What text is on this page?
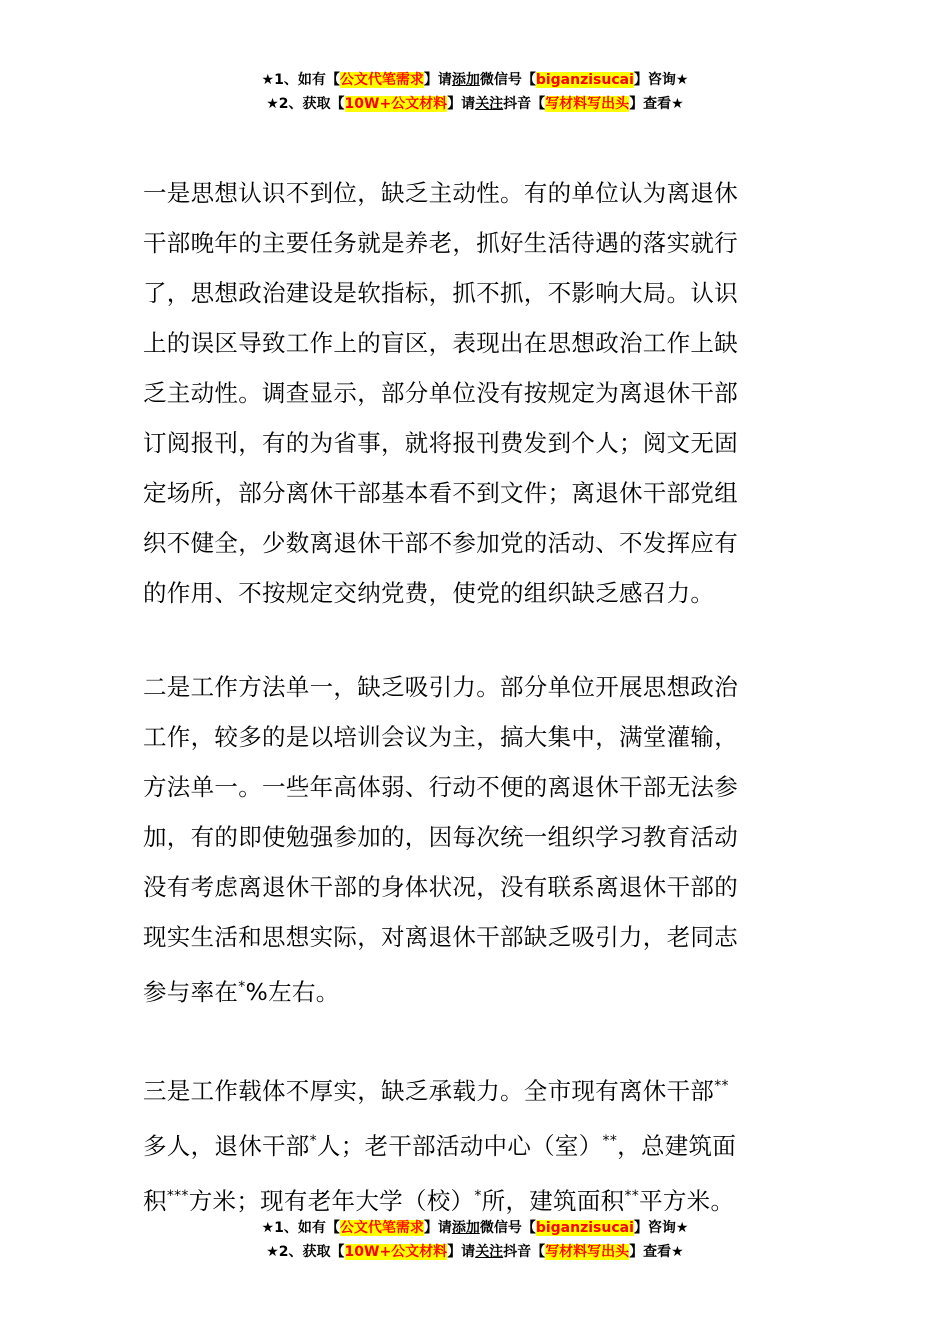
★1、如有【公文代笔需求】请添加微信号【biganzisucai】咨询★
★2、获取【10W+公文材料】请关注抖音【写材料写出头】查看★

一是思想认识不到位，缺乏主动性。有的单位认为离退休
干部晚年的主要任务就是养老，抓好生活待遇的落实就行
了，思想政治建设是软指标，抓不抓，不影响大局。认识
上的误区导致工作上的盲区，表现出在思想政治工作上缺
乏主动性。调查显示，部分单位没有按规定为离退休干部
订阅报刊，有的为省事，就将报刊费发到个人；阅文无固
定场所，部分离休干部基本看不到文件；离退休干部党组
织不健全，少数离退休干部不参加党的活动、不发挥应有
的作用、不按规定交纳党费，使党的组织缺乏感召力。

二是工作方法单一，缺乏吸引力。部分单位开展思想政治
工作，较多的是以培训会议为主，搞大集中，满堂灌输，
方法单一。一些年高体弱、行动不便的离退休干部无法参
加，有的即使勉强参加的，因每次统一组织学习教育活动
没有考虑离退休干部的身体状况，没有联系离退休干部的
现实生活和思想实际，对离退休干部缺乏吸引力，老同志
参与率在*%左右。

三是工作载体不厚实，缺乏承载力。全市现有离休干部**
多人，退休干部*人；老干部活动中心（室）**，总建筑面
积***方米；现有老年大学（校）*所，建筑面积**平方米。

★1、如有【公文代笔需求】请添加微信号【biganzisucai】咨询★
★2、获取【10W+公文材料】请关注抖音【写材料写出头】查看★
